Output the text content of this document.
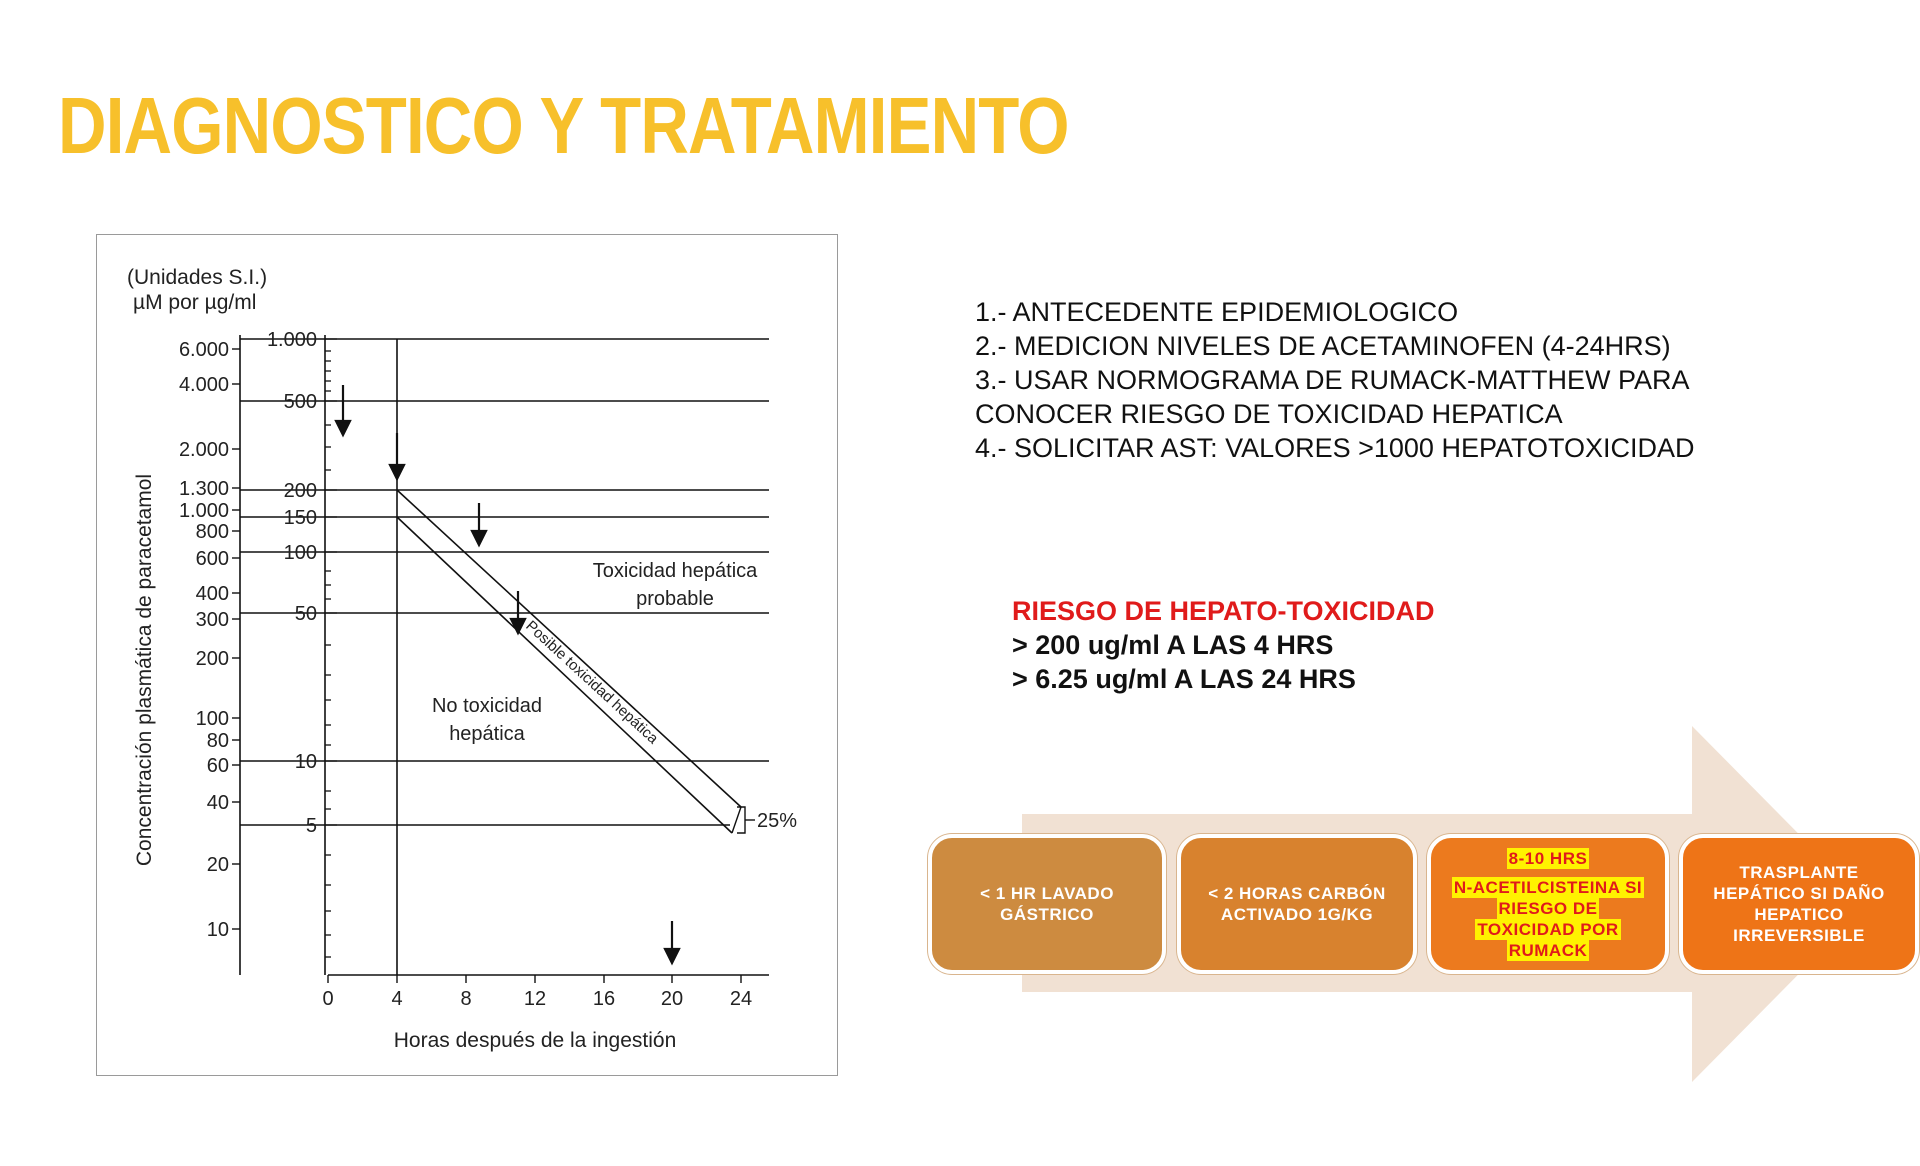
DIAGNOSTICO Y TRATAMIENTO
(Unidades S.I.)
µM por µg/ml
6.000
4.000
2.000
1.300
1.000
800
600
400
300
200
100
80
60
40
20
10
1.000
500
200
150
100
50
10
5
0	4	8	12 16 20 24
Horas después de la ingestión
Concentración plasmática de paracetamol	Toxicidad hepática
probable
No toxicidad
hepática
Posible toxicidad hepática
25%
1.- ANTECEDENTE EPIDEMIOLOGICO
2.- MEDICION NIVELES DE ACETAMINOFEN (4-24HRS)
3.- USAR NORMOGRAMA DE RUMACK-MATTHEW PARA
CONOCER RIESGO DE TOXICIDAD HEPATICA
4.- SOLICITAR AST: VALORES >1000 HEPATOTOXICIDAD
RIESGO DE HEPATO-TOXICIDAD
> 200 ug/ml A LAS 4 HRS
> 6.25 ug/ml A LAS 24 HRS
< 1 HR LAVADO GÁSTRICO
< 2 HORAS CARBÓN ACTIVADO 1G/KG
8-10 HRS
N-ACETILCISTEINA SI
RIESGO DE
TOXICIDAD POR
RUMACK
TRASPLANTE HEPÁTICO SI DAÑO HEPATICO IRREVERSIBLE
